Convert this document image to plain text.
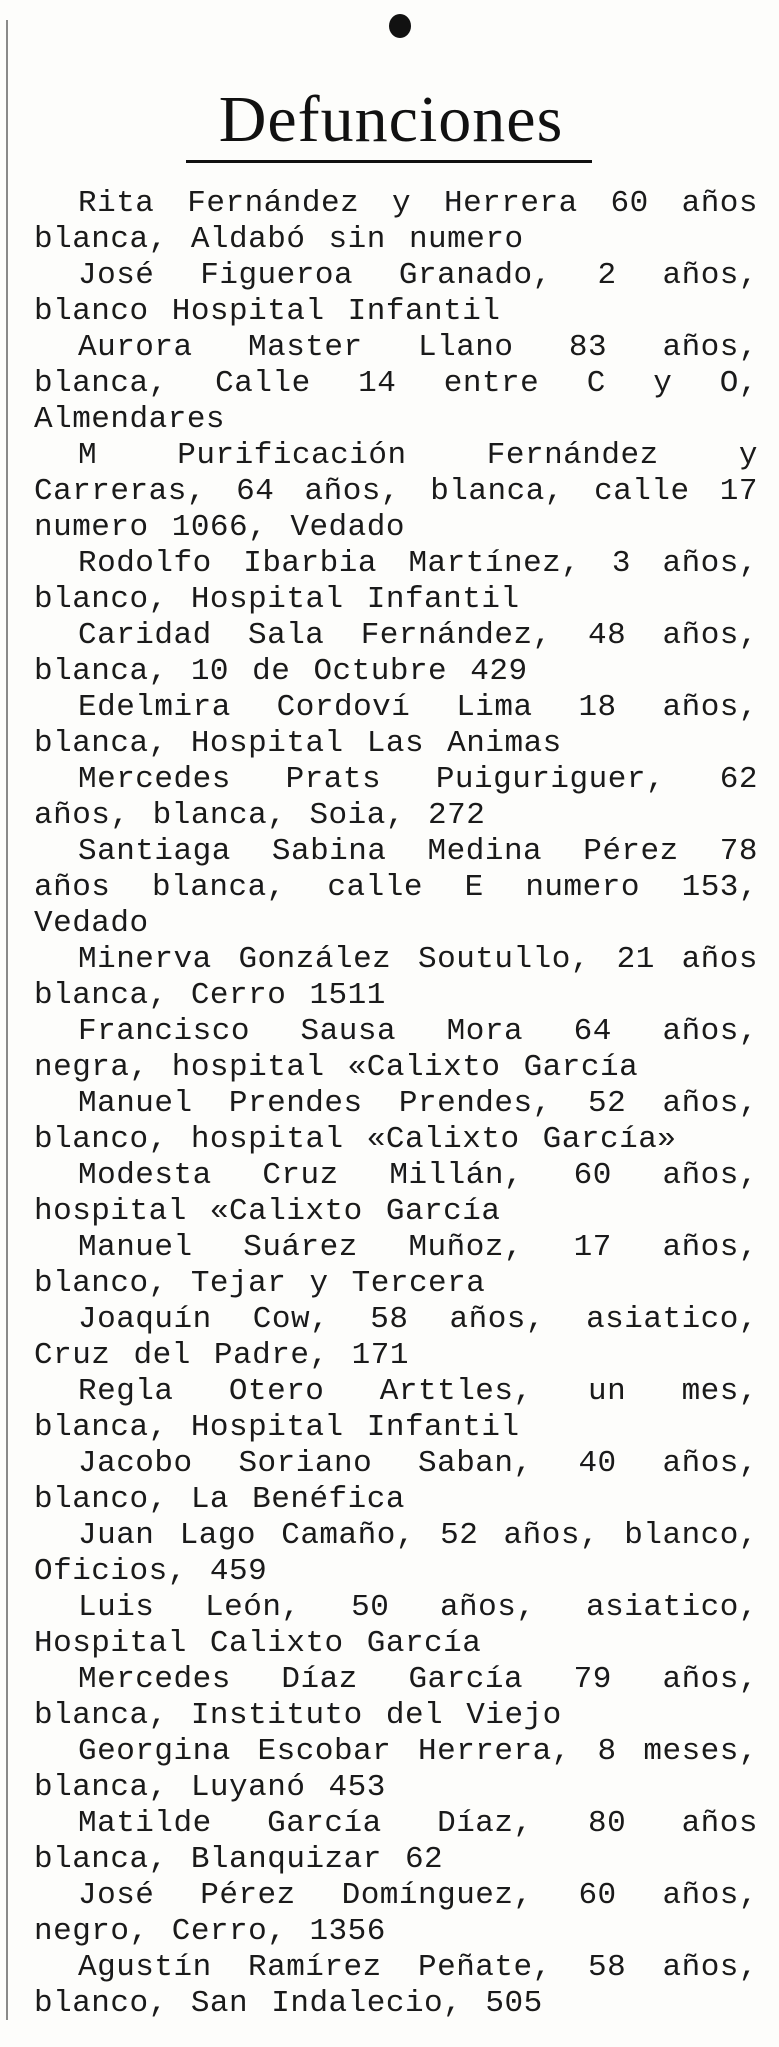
Defunciones
Rita Fernández y Herrera 60 años blanca, Aldabó sin numero
José Figueroa Granado, 2 años, blanco Hospital Infantil
Aurora Master Llano 83 años, blanca, Calle 14 entre C y O, Almendares
M Purificación Fernández y Carreras, 64 años, blanca, calle 17 numero 1066, Vedado
Rodolfo Ibarbia Martínez, 3 años, blanco, Hospital Infantil
Caridad Sala Fernández, 48 años, blanca, 10 de Octubre 429
Edelmira Cordoví Lima 18 años, blanca, Hospital Las Animas
Mercedes Prats Puiguriguer, 62 años, blanca, Soia, 272
Santiaga Sabina Medina Pérez 78 años blanca, calle E numero 153, Vedado
Minerva González Soutullo, 21 años blanca, Cerro 1511
Francisco Sausa Mora 64 años, negra, hospital «Calixto García
Manuel Prendes Prendes, 52 años, blanco, hospital «Calixto García»
Modesta Cruz Millán, 60 años, hospital «Calixto García
Manuel Suárez Muñoz, 17 años, blanco, Tejar y Tercera
Joaquín Cow, 58 años, asiatico, Cruz del Padre, 171
Regla Otero Arttles, un mes, blanca, Hospital Infantil
Jacobo Soriano Saban, 40 años, blanco, La Benéfica
Juan Lago Camaño, 52 años, blanco, Oficios, 459
Luis León, 50 años, asiatico, Hospital Calixto García
Mercedes Díaz García 79 años, blanca, Instituto del Viejo
Georgina Escobar Herrera, 8 meses, blanca, Luyanó 453
Matilde García Díaz, 80 años blanca, Blanquizar 62
José Pérez Domínguez, 60 años, negro, Cerro, 1356
Agustín Ramírez Peñate, 58 años, blanco, San Indalecio, 505
